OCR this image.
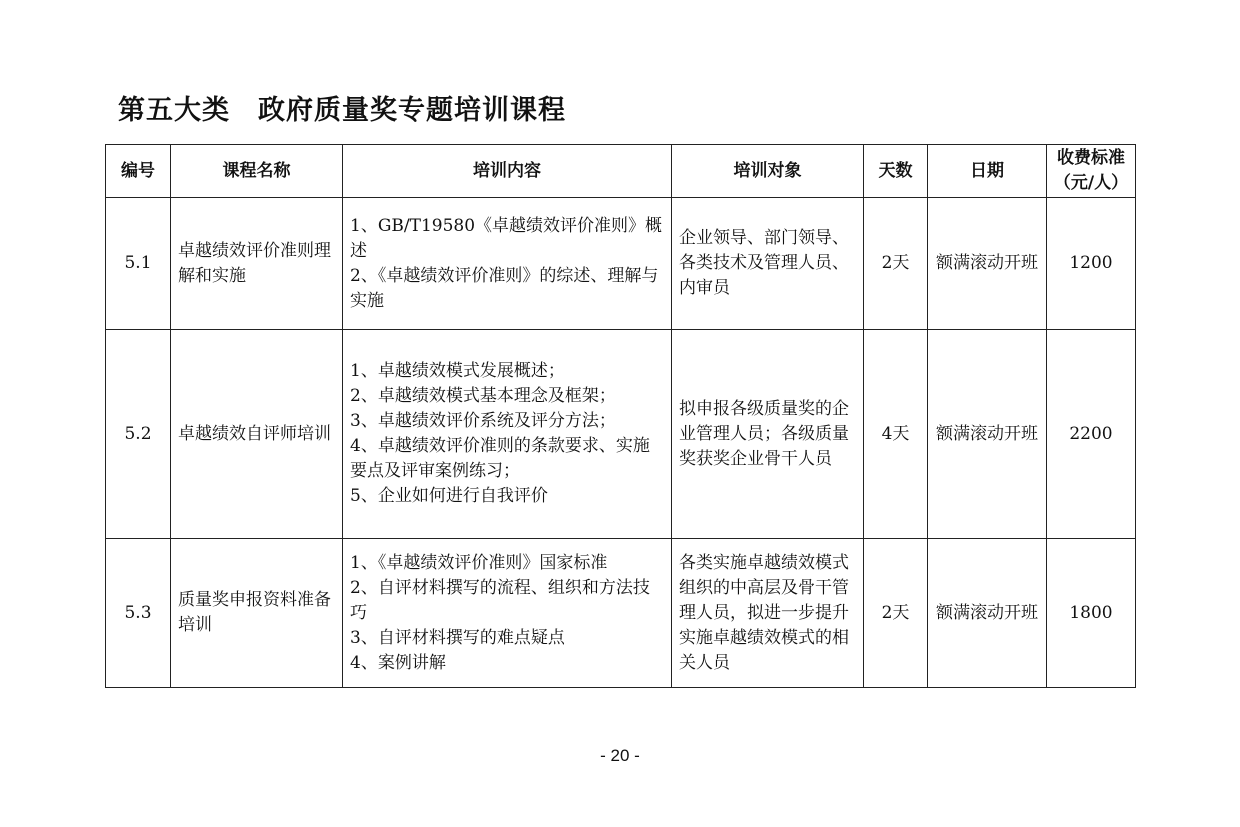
第五大类　政府质量奖专题培训课程
编号	课程名称	培训内容	培训对象	天数	日期	收费标准（元/人）
5.1	卓越绩效评价准则理解和实施	1、GB/T19580《卓越绩效评价准则》概述
2、《卓越绩效评价准则》的综述、理解与实施	企业领导、部门领导、各类技术及管理人员、内审员	2天	额满滚动开班	1200
5.2	卓越绩效自评师培训	1、卓越绩效模式发展概述；
2、卓越绩效模式基本理念及框架；
3、卓越绩效评价系统及评分方法；
4、卓越绩效评价准则的条款要求、实施要点及评审案例练习；
5、企业如何进行自我评价	拟申报各级质量奖的企业管理人员；各级质量奖获奖企业骨干人员	4天	额满滚动开班	2200
5.3	质量奖申报资料准备培训	1、《卓越绩效评价准则》国家标准
2、自评材料撰写的流程、组织和方法技巧
3、自评材料撰写的难点疑点
4、案例讲解	各类实施卓越绩效模式组织的中高层及骨干管理人员，拟进一步提升实施卓越绩效模式的相关人员	2天	额满滚动开班	1800
- 20 -
